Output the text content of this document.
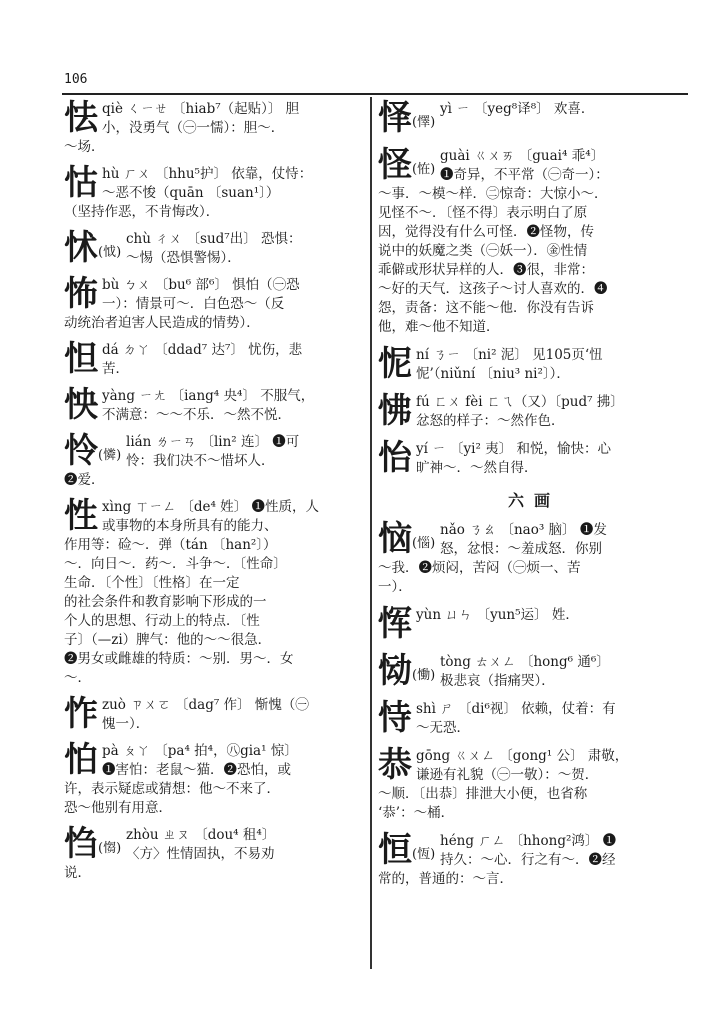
106
怯 qiè ㄑㄧㄝ 〔hiab⁷（起贴）〕 胆
小，没勇气（㊀一懦）：胆～．
～场．
怙 hù ㄏㄨ 〔hhu⁵护〕 依靠，仗恃：
～恶不悛（quān 〔suan¹〕）
（坚持作恶，不肯悔改）．
怵 (怴)
chù ㄔㄨ 〔sud⁷出〕 恐惧：
～惕（恐惧警惕）．
怖 bù ㄅㄨ 〔bu⁶ 部⁶〕 惧怕（㊀恐
一）：情景可～．白色恐～（反
动统治者迫害人民造成的情势）．
怛 dá ㄉㄚ 〔ddad⁷ 达⁷〕 忧伤，悲
苦．
怏 yàng ㄧㄤ 〔iang⁴ 央⁴〕 不服气，
不满意：～～不乐．～然不悦．
怜 (憐)
lián ㄌㄧㄢ 〔lin² 连〕 ❶可
怜：我们决不～惜坏人．
❷爱．
性 xìng ㄒㄧㄥ 〔de⁴ 姓〕 ❶性质，人
或事物的本身所具有的能力、
作用等：硷～．弹（tán 〔han²〕）
～．向日～．药～．斗争～．〔性命〕
生命．〔个性〕〔性格〕在一定
的社会条件和教育影响下形成的一
个人的思想、行动上的特点．〔性
子〕（—zi）脾气：他的～～很急．
❷男女或雌雄的特质：～别．男～．女
～．
怍 zuò ㄗㄨㄛ 〔dag⁷ 作〕 惭愧（㊀
愧一）．
怕 pà ㄆㄚ 〔pa⁴ 拍⁴，㊇gia¹ 惊〕
❶害怕：老鼠～猫．❷恐怕，或
许，表示疑虑或猜想：他～不来了．
恐～他别有用意．
㤘 (㥮)
zhòu ㄓㄡ 〔dou⁴ 租⁴〕
〈方〉性情固执，不易劝
说．
怿 (懌)
yì ㄧ 〔yeg⁸译⁸〕 欢喜．
怪 (恠)
guài ㄍㄨㄞ 〔guai⁴ 乖⁴〕
❶奇异，不平常（㊀奇一）：
～事．～模～样．㊁惊奇：大惊小～．
见怪不～．〔怪不得〕表示明白了原
因，觉得没有什么可怪．❷怪物，传
说中的妖魔之类（㊀妖一）．㊎性情
乖僻或形状异样的人．❸很，非常：
～好的天气．这孩子～讨人喜欢的．❹
怨，责备：这不能～他．你没有告诉
他，难～他不知道．
怩 ní ㄋㄧ 〔ni² 泥〕 见105页‘忸
怩’（niǔní 〔niu³ ni²〕）．
怫 fú ㄈㄨ fèi ㄈㄟ（又）〔pud⁷ 拂〕
忿怒的样子：～然作色．
怡 yí ㄧ 〔yi² 夷〕 和悦，愉快：心
旷神～．～然自得．
六画
恼 (惱)
nǎo ㄋㄠ 〔nao³ 脑〕 ❶发
怒，忿恨：～羞成怒．你别
～我．❷烦闷，苦闷（㊀烦一、苦
一）．
恽 yùn ㄩㄣ 〔yun⁵运〕 姓．
恸 (慟)
tòng ㄊㄨㄥ 〔hong⁶ 通⁶〕
极悲哀（指痛哭）．
恃 shì ㄕ 〔di⁶视〕 依赖，仗着：有
～无恐．
恭 gōng ㄍㄨㄥ 〔gong¹ 公〕 肃敬，
谦逊有礼貌（㊀一敬）：～贺．
～顺．〔出恭〕排泄大小便，也省称
‘恭’：～桶．
恒 (恆)
héng ㄏㄥ 〔hhong²鸿〕 ❶
持久：～心．行之有～．❷经
常的，普通的：～言．
